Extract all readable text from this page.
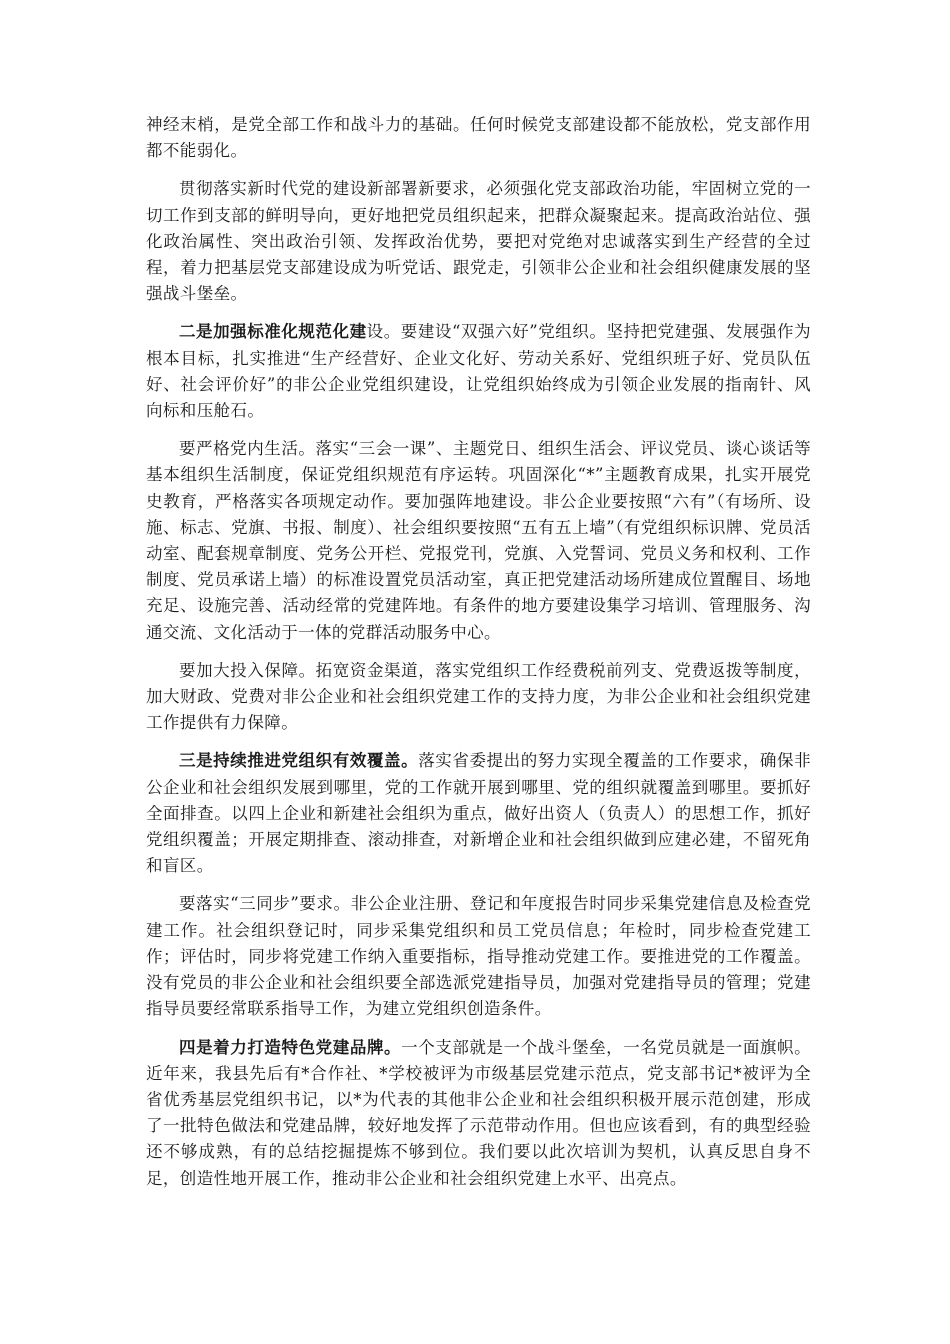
神经末梢，是党全部工作和战斗力的基础。任何时候党支部建设都不能放松，党支部作用都不能弱化。

贯彻落实新时代党的建设新部署新要求，必须强化党支部政治功能，牢固树立党的一切工作到支部的鲜明导向，更好地把党员组织起来，把群众凝聚起来。提高政治站位、强化政治属性、突出政治引领、发挥政治优势，要把对党绝对忠诚落实到生产经营的全过程，着力把基层党支部建设成为听党话、跟党走，引领非公企业和社会组织健康发展的坚强战斗堡垒。

二是加强标准化规范化建设。要建设“双强六好”党组织。坚持把党建强、发展强作为根本目标，扎实推进“生产经营好、企业文化好、劳动关系好、党组织班子好、党员队伍好、社会评价好”的非公企业党组织建设，让党组织始终成为引领企业发展的指南针、风向标和压舱石。

要严格党内生活。落实“三会一课”、主题党日、组织生活会、评议党员、谈心谈话等基本组织生活制度，保证党组织规范有序运转。巩固深化“*”主题教育成果，扎实开展党史教育，严格落实各项规定动作。要加强阵地建设。非公企业要按照“六有”（有场所、设施、标志、党旗、书报、制度）、社会组织要按照“五有五上墙”（有党组织标识牌、党员活动室、配套规章制度、党务公开栏、党报党刊，党旗、入党誓词、党员义务和权利、工作制度、党员承诺上墙）的标准设置党员活动室，真正把党建活动场所建成位置醒目、场地充足、设施完善、活动经常的党建阵地。有条件的地方要建设集学习培训、管理服务、沟通交流、文化活动于一体的党群活动服务中心。

要加大投入保障。拓宽资金渠道，落实党组织工作经费税前列支、党费返拨等制度，加大财政、党费对非公企业和社会组织党建工作的支持力度，为非公企业和社会组织党建工作提供有力保障。

三是持续推进党组织有效覆盖。落实省委提出的努力实现全覆盖的工作要求，确保非公企业和社会组织发展到哪里，党的工作就开展到哪里、党的组织就覆盖到哪里。要抓好全面排查。以四上企业和新建社会组织为重点，做好出资人（负责人）的思想工作，抓好党组织覆盖；开展定期排查、滚动排查，对新增企业和社会组织做到应建必建，不留死角和盲区。

要落实“三同步”要求。非公企业注册、登记和年度报告时同步采集党建信息及检查党建工作。社会组织登记时，同步采集党组织和员工党员信息；年检时，同步检查党建工作；评估时，同步将党建工作纳入重要指标，指导推动党建工作。要推进党的工作覆盖。没有党员的非公企业和社会组织要全部选派党建指导员，加强对党建指导员的管理；党建指导员要经常联系指导工作，为建立党组织创造条件。

四是着力打造特色党建品牌。一个支部就是一个战斗堡垒，一名党员就是一面旗帜。近年来，我县先后有*合作社、*学校被评为市级基层党建示范点，党支部书记*被评为全省优秀基层党组织书记，以*为代表的其他非公企业和社会组织积极开展示范创建，形成了一批特色做法和党建品牌，较好地发挥了示范带动作用。但也应该看到，有的典型经验还不够成熟，有的总结挖掘提炼不够到位。我们要以此次培训为契机，认真反思自身不足，创造性地开展工作，推动非公企业和社会组织党建上水平、出亮点。
